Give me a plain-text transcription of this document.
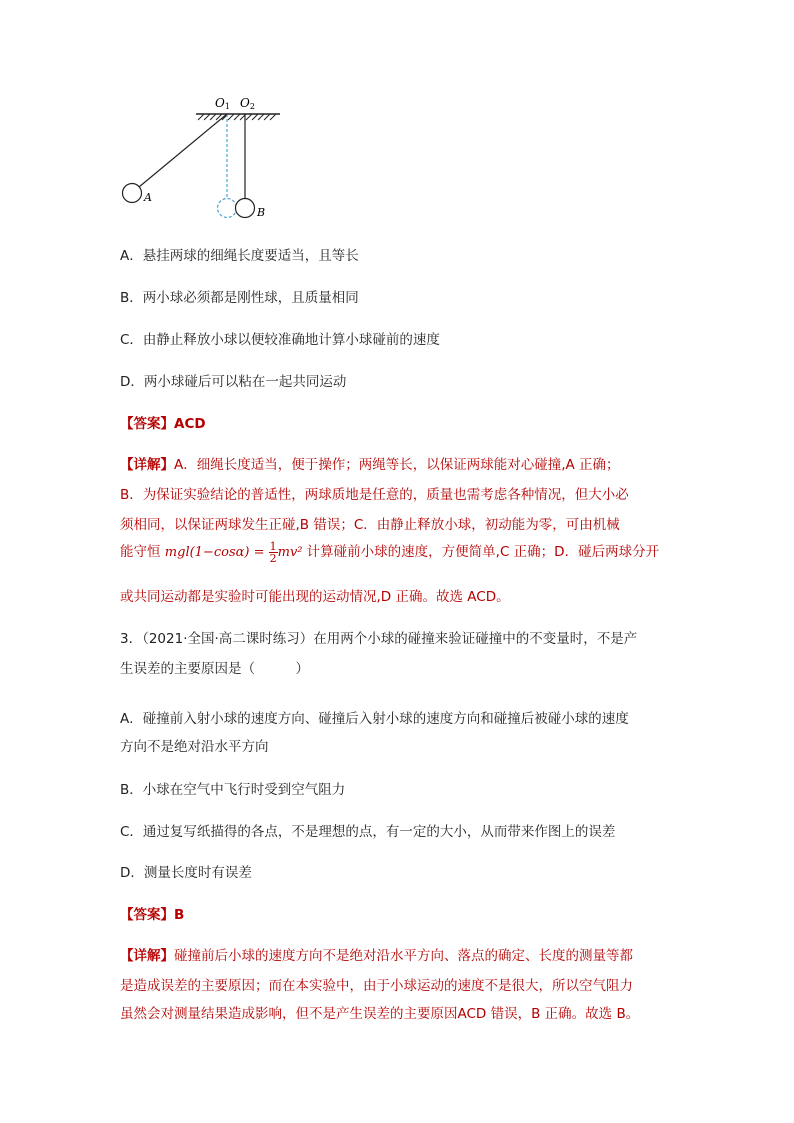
O1 O2
A
B
A．悬挂两球的细绳长度要适当，且等长
B．两小球必须都是刚性球，且质量相同
C．由静止释放小球以便较准确地计算小球碰前的速度
D．两小球碰后可以粘在一起共同运动
【答案】ACD
【详解】A．细绳长度适当，便于操作；两绳等长，以保证两球能对心碰撞,A 正确；
B．为保证实验结论的普适性，两球质地是任意的，质量也需考虑各种情况，但大小必
须相同，以保证两球发生正碰,B 错误；C．由静止释放小球，初动能为零，可由机械
能守恒 $mgl(1-\cos\alpha) = \frac{1}{2} mv^2$ 计算碰前小球的速度，方便简单,C 正确；D．碰后两球分开
或共同运动都是实验时可能出现的运动情况,D 正确。故选 ACD。
3．（2021·全国·高二课时练习）在用两个小球的碰撞来验证碰撞中的不变量时，不是产
生误差的主要原因是（　　　）
A．碰撞前入射小球的速度方向、碰撞后入射小球的速度方向和碰撞后被碰小球的速度
方向不是绝对沿水平方向
B．小球在空气中飞行时受到空气阻力
C．通过复写纸描得的各点，不是理想的点，有一定的大小，从而带来作图上的误差
D．测量长度时有误差
【答案】B
【详解】碰撞前后小球的速度方向不是绝对沿水平方向、落点的确定、长度的测量等都
是造成误差的主要原因；而在本实验中，由于小球运动的速度不是很大，所以空气阻力
虽然会对测量结果造成影响，但不是产生误差的主要原因ACD 错误，B 正确。故选 B。
